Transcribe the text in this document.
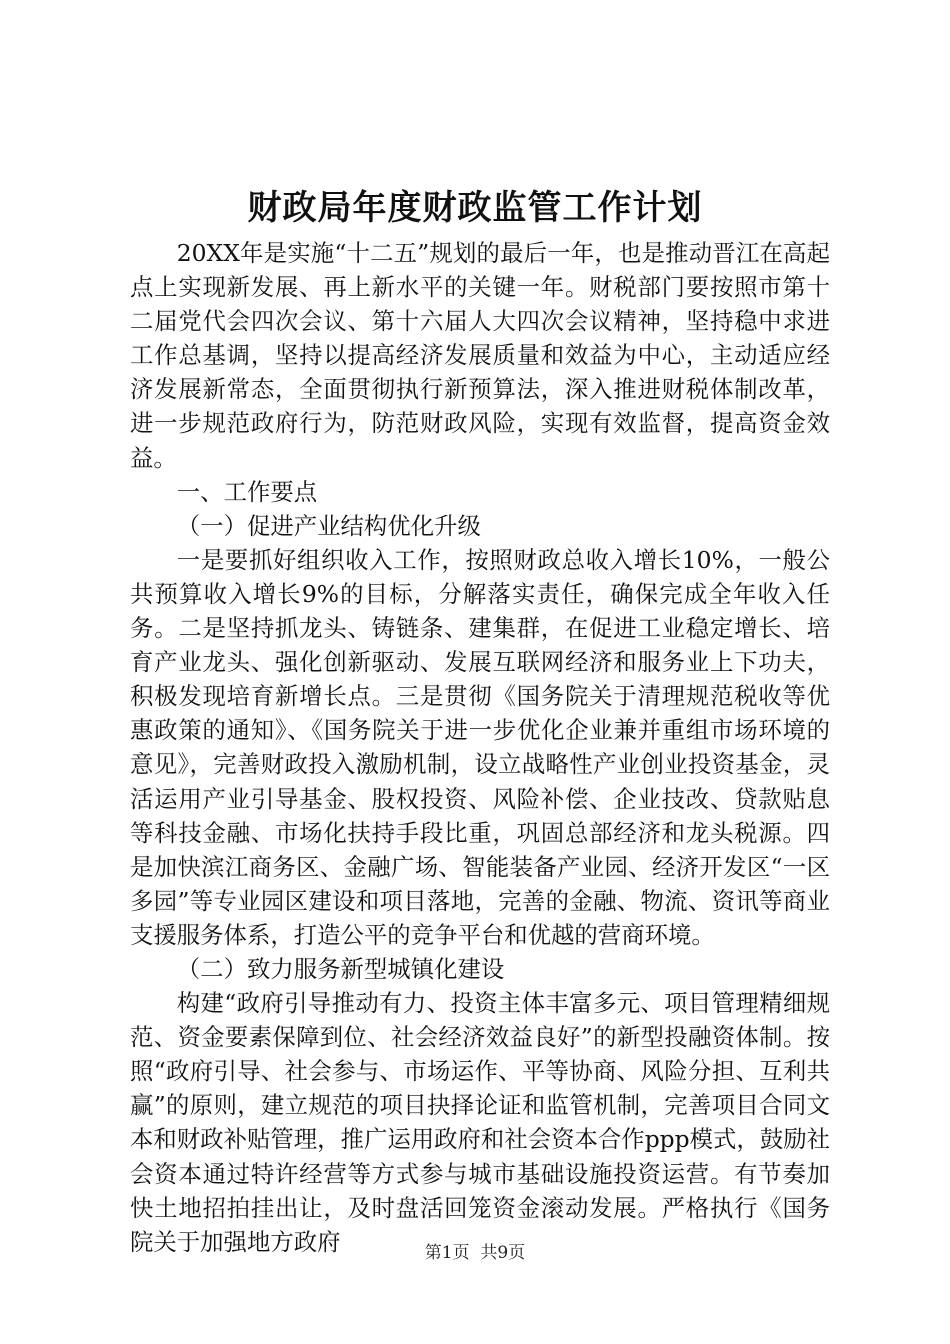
财政局年度财政监管工作计划

20XX年是实施“十二五”规划的最后一年，也是推动晋江在高起点上实现新发展、再上新水平的关键一年。财税部门要按照市第十二届党代会四次会议、第十六届人大四次会议精神，坚持稳中求进工作总基调，坚持以提高经济发展质量和效益为中心，主动适应经济发展新常态，全面贯彻执行新预算法，深入推进财税体制改革，进一步规范政府行为，防范财政风险，实现有效监督，提高资金效益。

一、工作要点

（一）促进产业结构优化升级

一是要抓好组织收入工作，按照财政总收入增长10%，一般公共预算收入增长9%的目标，分解落实责任，确保完成全年收入任务。二是坚持抓龙头、铸链条、建集群，在促进工业稳定增长、培育产业龙头、强化创新驱动、发展互联网经济和服务业上下功夫，积极发现培育新增长点。三是贯彻《国务院关于清理规范税收等优惠政策的通知》、《国务院关于进一步优化企业兼并重组市场环境的意见》，完善财政投入激励机制，设立战略性产业创业投资基金，灵活运用产业引导基金、股权投资、风险补偿、企业技改、贷款贴息等科技金融、市场化扶持手段比重，巩固总部经济和龙头税源。四是加快滨江商务区、金融广场、智能装备产业园、经济开发区“一区多园”等专业园区建设和项目落地，完善的金融、物流、资讯等商业支援服务体系，打造公平的竞争平台和优越的营商环境。

（二）致力服务新型城镇化建设

构建“政府引导推动有力、投资主体丰富多元、项目管理精细规范、资金要素保障到位、社会经济效益良好”的新型投融资体制。按照“政府引导、社会参与、市场运作、平等协商、风险分担、互利共赢”的原则，建立规范的项目抉择论证和监管机制，完善项目合同文本和财政补贴管理，推广运用政府和社会资本合作ppp模式，鼓励社会资本通过特许经营等方式参与城市基础设施投资运营。有节奏加快土地招拍挂出让，及时盘活回笼资金滚动发展。严格执行《国务院关于加强地方政府	第1页  共9页
